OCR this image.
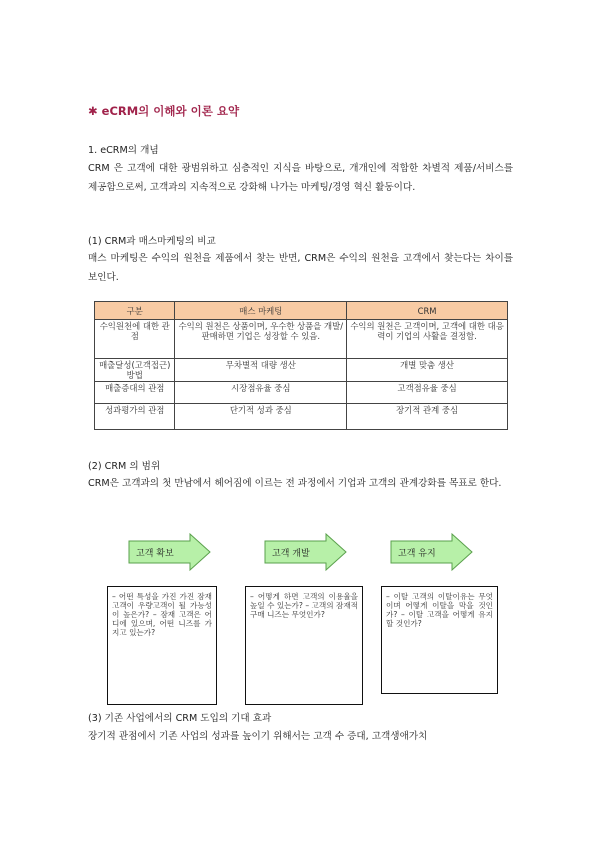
✱ eCRM의 이해와 이론 요약
1. eCRM의 개념
CRM 은 고객에 대한 광범위하고 심층적인 지식을 바탕으로, 개개인에 적합한 차별적 제품/서비스를 제공함으로써, 고객과의 지속적으로 강화해 나가는 마케팅/경영 혁신 활동이다.
(1) CRM과 매스마케팅의 비교
매스 마케팅은 수익의 원천을 제품에서 찾는 반면, CRM은 수익의 원천을 고객에서 찾는다는 차이를 보인다.
구분	매스 마케팅	CRM
수익원천에 대한 관점	수익의 원천은 상품이며, 우수한 상품을 개발/판매하면 기업은 성장할 수 있음.	수익의 원천은 고객이며, 고객에 대한 대응력이 기업의 사활을 결정함.
매출달성(고객접근) 방법	무차별적 대량 생산	개별 맞춤 생산
매출증대의 관점	시장점유율 중심	고객점유율 중심
성과평가의 관점	단기적 성과 중심	장기적 관계 중심
(2) CRM 의 범위
CRM은 고객과의 첫 만남에서 헤어짐에 이르는 전 과정에서 기업과 고객의 관계강화를 목표로 한다.
고객 확보	고객 개발	고객 유지
– 어떤 특성을 가진 가진 잠재고객이 우량고객이 될 가능성이 높은가? – 잠재 고객은 어디에 있으며, 어떤 니즈를 가지고 있는가?
– 어떻게 하면 고객의 이용율을 높일 수 있는가? – 고객의 잠재적 구매 니즈는 무엇인가?
– 이탈 고객의 이탈이유는 무엇이며 어떻게 이탈을 막을 것인가? – 이탈 고객을 어떻게 유지할 것인가?
(3) 기존 사업에서의 CRM 도입의 기대 효과
장기적 관점에서 기존 사업의 성과를 높이기 위해서는 고객 수 증대, 고객생애가치
